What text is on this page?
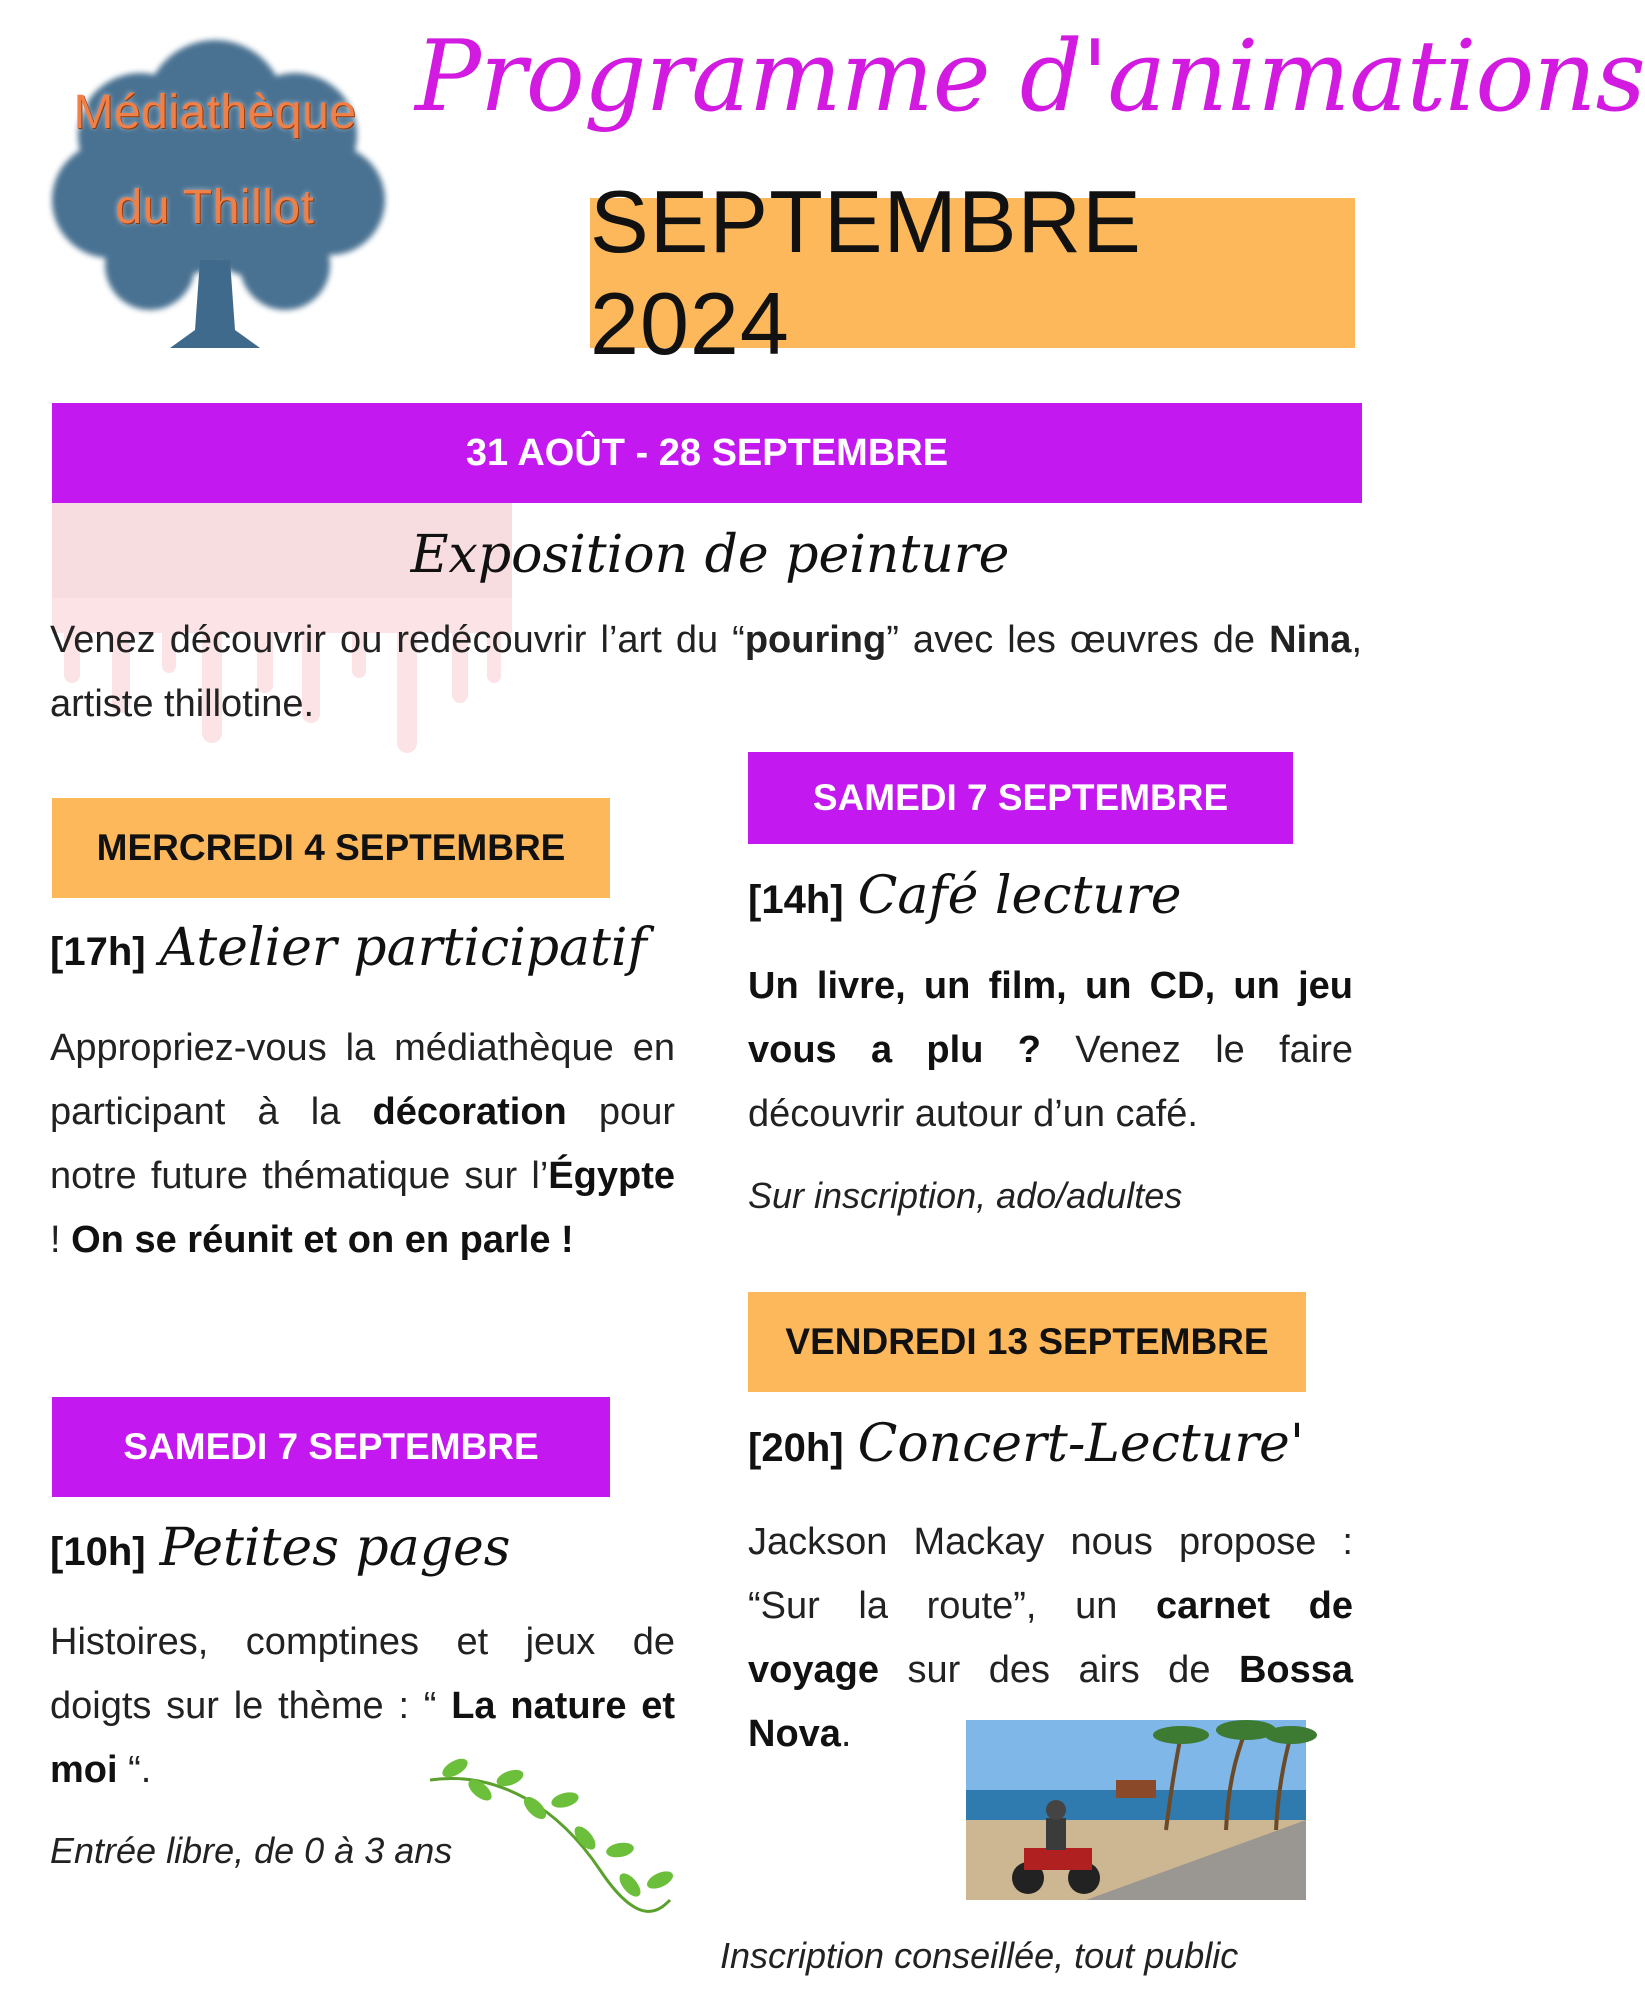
Médiathèque
du Thillot
Programme d'animations
SEPTEMBRE 2024
31 AOÛT - 28 SEPTEMBRE
Exposition de peinture
Venez découvrir ou redécouvrir l’art du “pouring” avec les œuvres de Nina, artiste thillotine.
MERCREDI 4 SEPTEMBRE
[17h] Atelier participatif
Appropriez-vous la médiathèque en participant à la décoration pour notre future thématique sur l’Égypte ! On se réunit et on en parle !
SAMEDI 7 SEPTEMBRE
[10h] Petites pages
Histoires, comptines et jeux de doigts sur le thème : “ La nature et moi “.
Entrée libre, de 0 à 3 ans
SAMEDI 7 SEPTEMBRE
[14h] Café lecture
Un livre, un film, un CD, un jeu vous a plu ? Venez le faire découvrir autour d’un café.
Sur inscription, ado/adultes
VENDREDI 13 SEPTEMBRE
[20h] Concert-Lecture'
Jackson Mackay nous propose : “Sur la route”, un carnet de voyage sur des airs de Bossa Nova.
Inscription conseillée, tout public
